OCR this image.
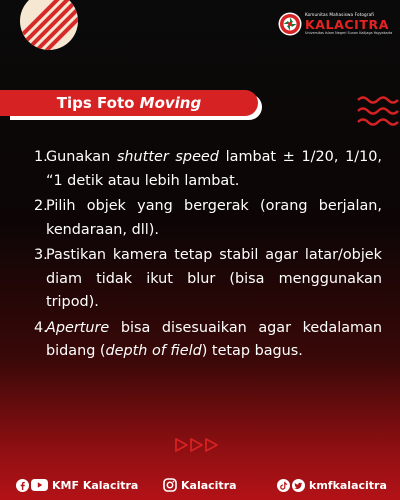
Komunitas Mahasiswa Fotografi
KALACITRA
Universitas Islam Negeri Sunan Kalijaga Yogyakarta
Tips Foto Moving
1.
Gunakan shutter speed lambat ± 1/20, 1/10, “1 detik atau lebih lambat.
2.
Pilih objek yang bergerak (orang berjalan, kendaraan, dll).
3.
Pastikan kamera tetap stabil agar latar/objek diam tidak ikut blur (bisa menggunakan tripod).
4.
Aperture bisa disesuaikan agar kedalaman bidang (depth of field) tetap bagus.
KMF Kalacitra	Kalacitra	kmfkalacitra
